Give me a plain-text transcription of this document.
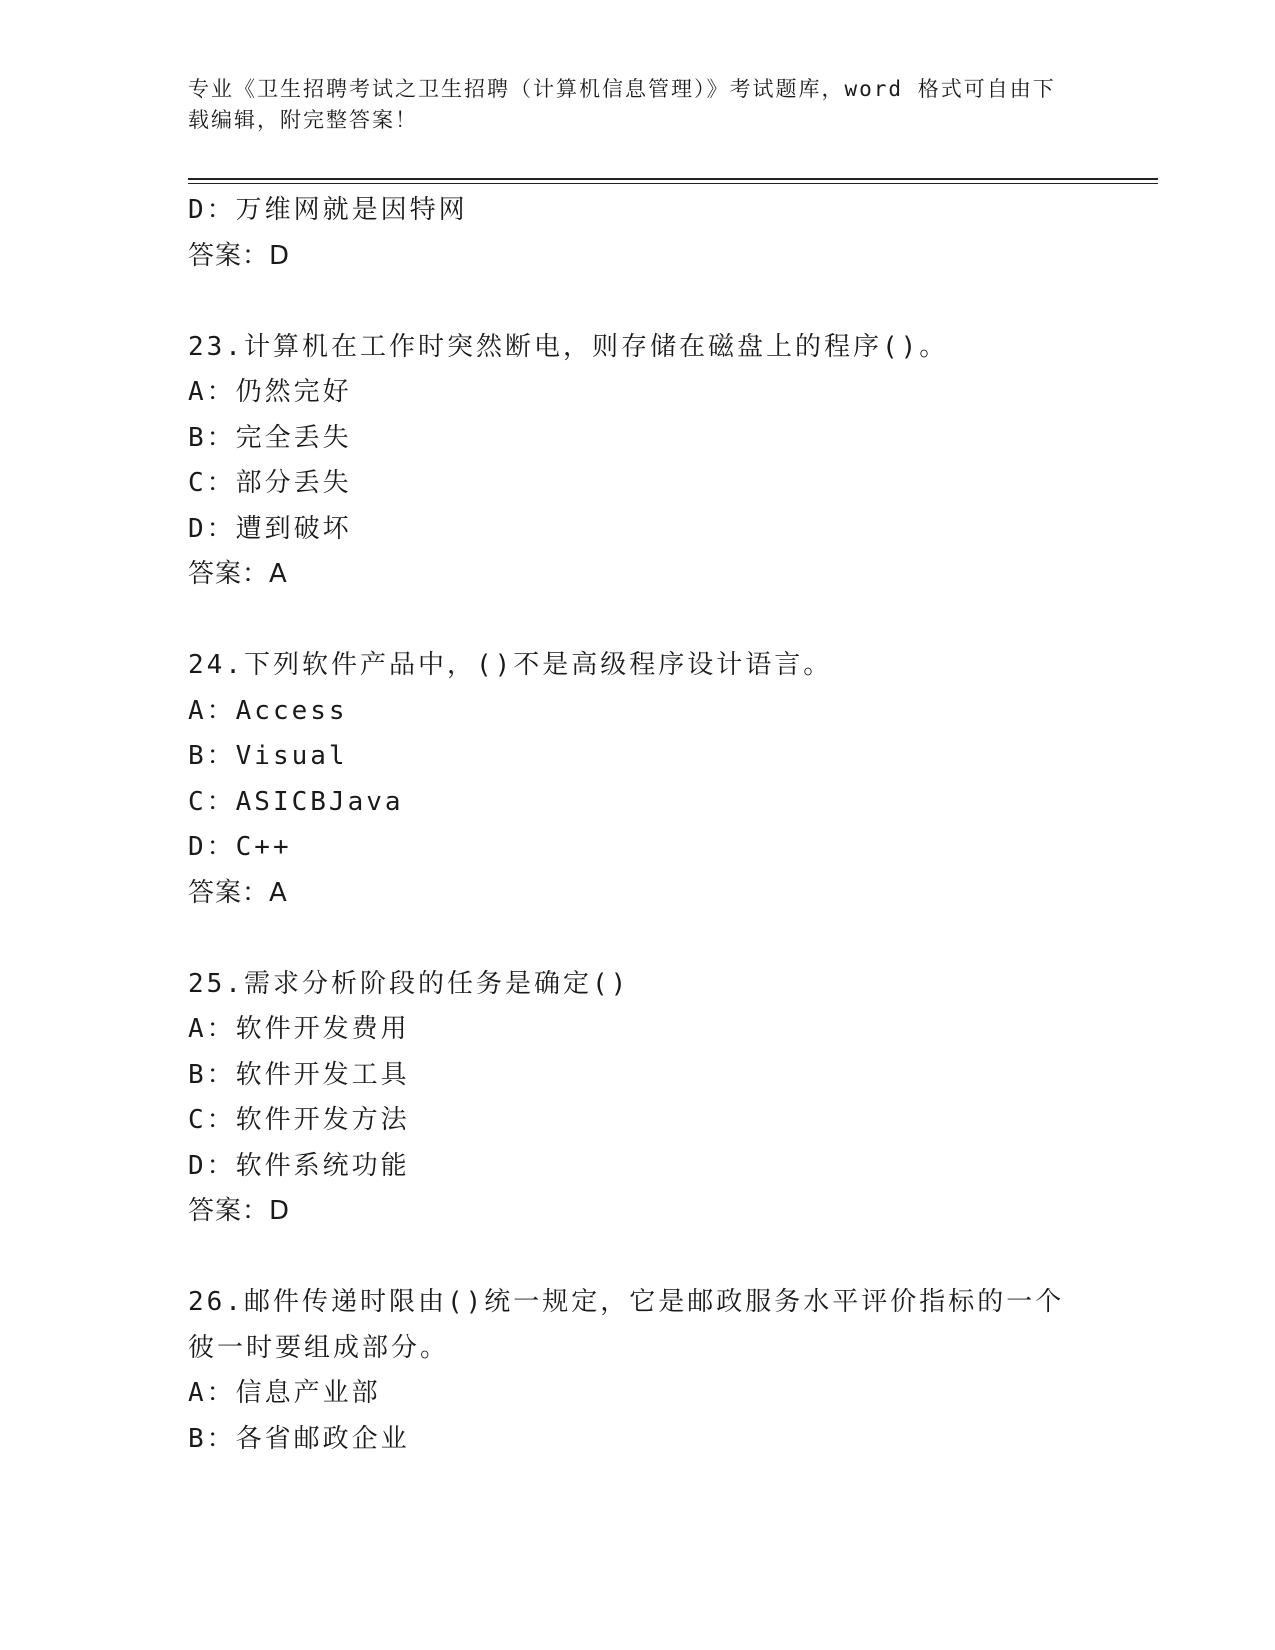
专业《卫生招聘考试之卫生招聘（计算机信息管理）》考试题库，word 格式可自由下载编辑，附完整答案！
D：万维网就是因特网
答案：D
23.计算机在工作时突然断电，则存储在磁盘上的程序()。
A：仍然完好
B：完全丢失
C：部分丢失
D：遭到破坏
答案：A
24.下列软件产品中，()不是高级程序设计语言。
A：Access
B：Visual
C：ASICBJava
D：C++
答案：A
25.需求分析阶段的任务是确定()
A：软件开发费用
B：软件开发工具
C：软件开发方法
D：软件系统功能
答案：D
26.邮件传递时限由()统一规定，它是邮政服务水平评价指标的一个彼一时要组成部分。
A：信息产业部
B：各省邮政企业
